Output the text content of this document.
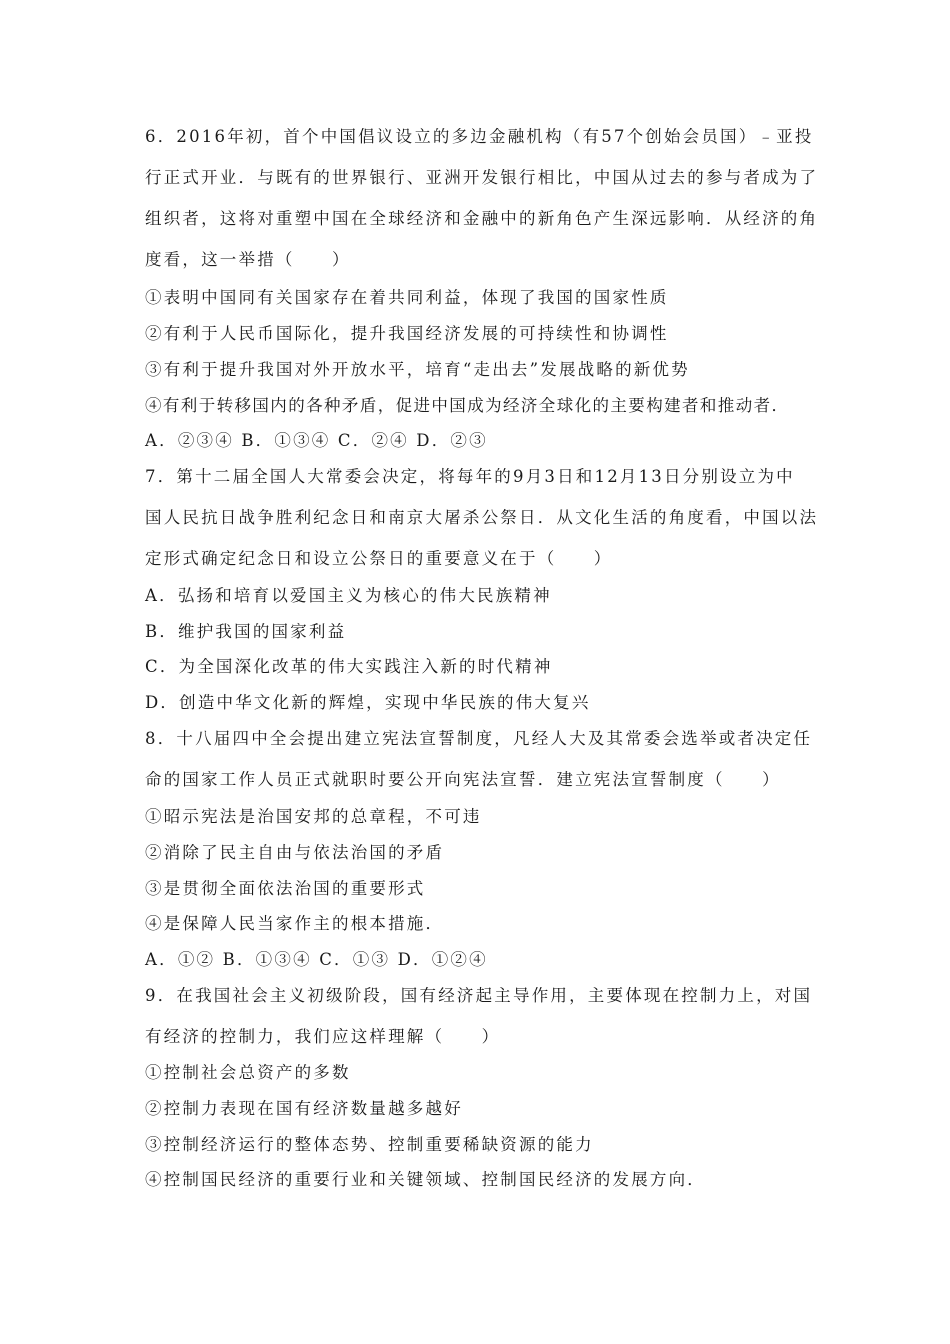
6．2016年初，首个中国倡议设立的多边金融机构（有57个创始会员国）﹣亚投
行正式开业．与既有的世界银行、亚洲开发银行相比，中国从过去的参与者成为了
组织者，这将对重塑中国在全球经济和金融中的新角色产生深远影响．从经济的角
度看，这一举措（　　）
①表明中国同有关国家存在着共同利益，体现了我国的国家性质
②有利于人民币国际化，提升我国经济发展的可持续性和协调性
③有利于提升我国对外开放水平，培育“走出去”发展战略的新优势
④有利于转移国内的各种矛盾，促进中国成为经济全球化的主要构建者和推动者．
A．②③④ B．①③④ C．②④ D．②③
7．第十二届全国人大常委会决定，将每年的9月3日和12月13日分别设立为中
国人民抗日战争胜利纪念日和南京大屠杀公祭日．从文化生活的角度看，中国以法
定形式确定纪念日和设立公祭日的重要意义在于（　　）
A．弘扬和培育以爱国主义为核心的伟大民族精神
B．维护我国的国家利益
C．为全国深化改革的伟大实践注入新的时代精神
D．创造中华文化新的辉煌，实现中华民族的伟大复兴
8．十八届四中全会提出建立宪法宣誓制度，凡经人大及其常委会选举或者决定任
命的国家工作人员正式就职时要公开向宪法宣誓．建立宪法宣誓制度（　　）
①昭示宪法是治国安邦的总章程，不可违
②消除了民主自由与依法治国的矛盾
③是贯彻全面依法治国的重要形式
④是保障人民当家作主的根本措施．
A．①② B．①③④ C．①③ D．①②④
9．在我国社会主义初级阶段，国有经济起主导作用，主要体现在控制力上，对国
有经济的控制力，我们应这样理解（　　）
①控制社会总资产的多数
②控制力表现在国有经济数量越多越好
③控制经济运行的整体态势、控制重要稀缺资源的能力
④控制国民经济的重要行业和关键领域、控制国民经济的发展方向．
